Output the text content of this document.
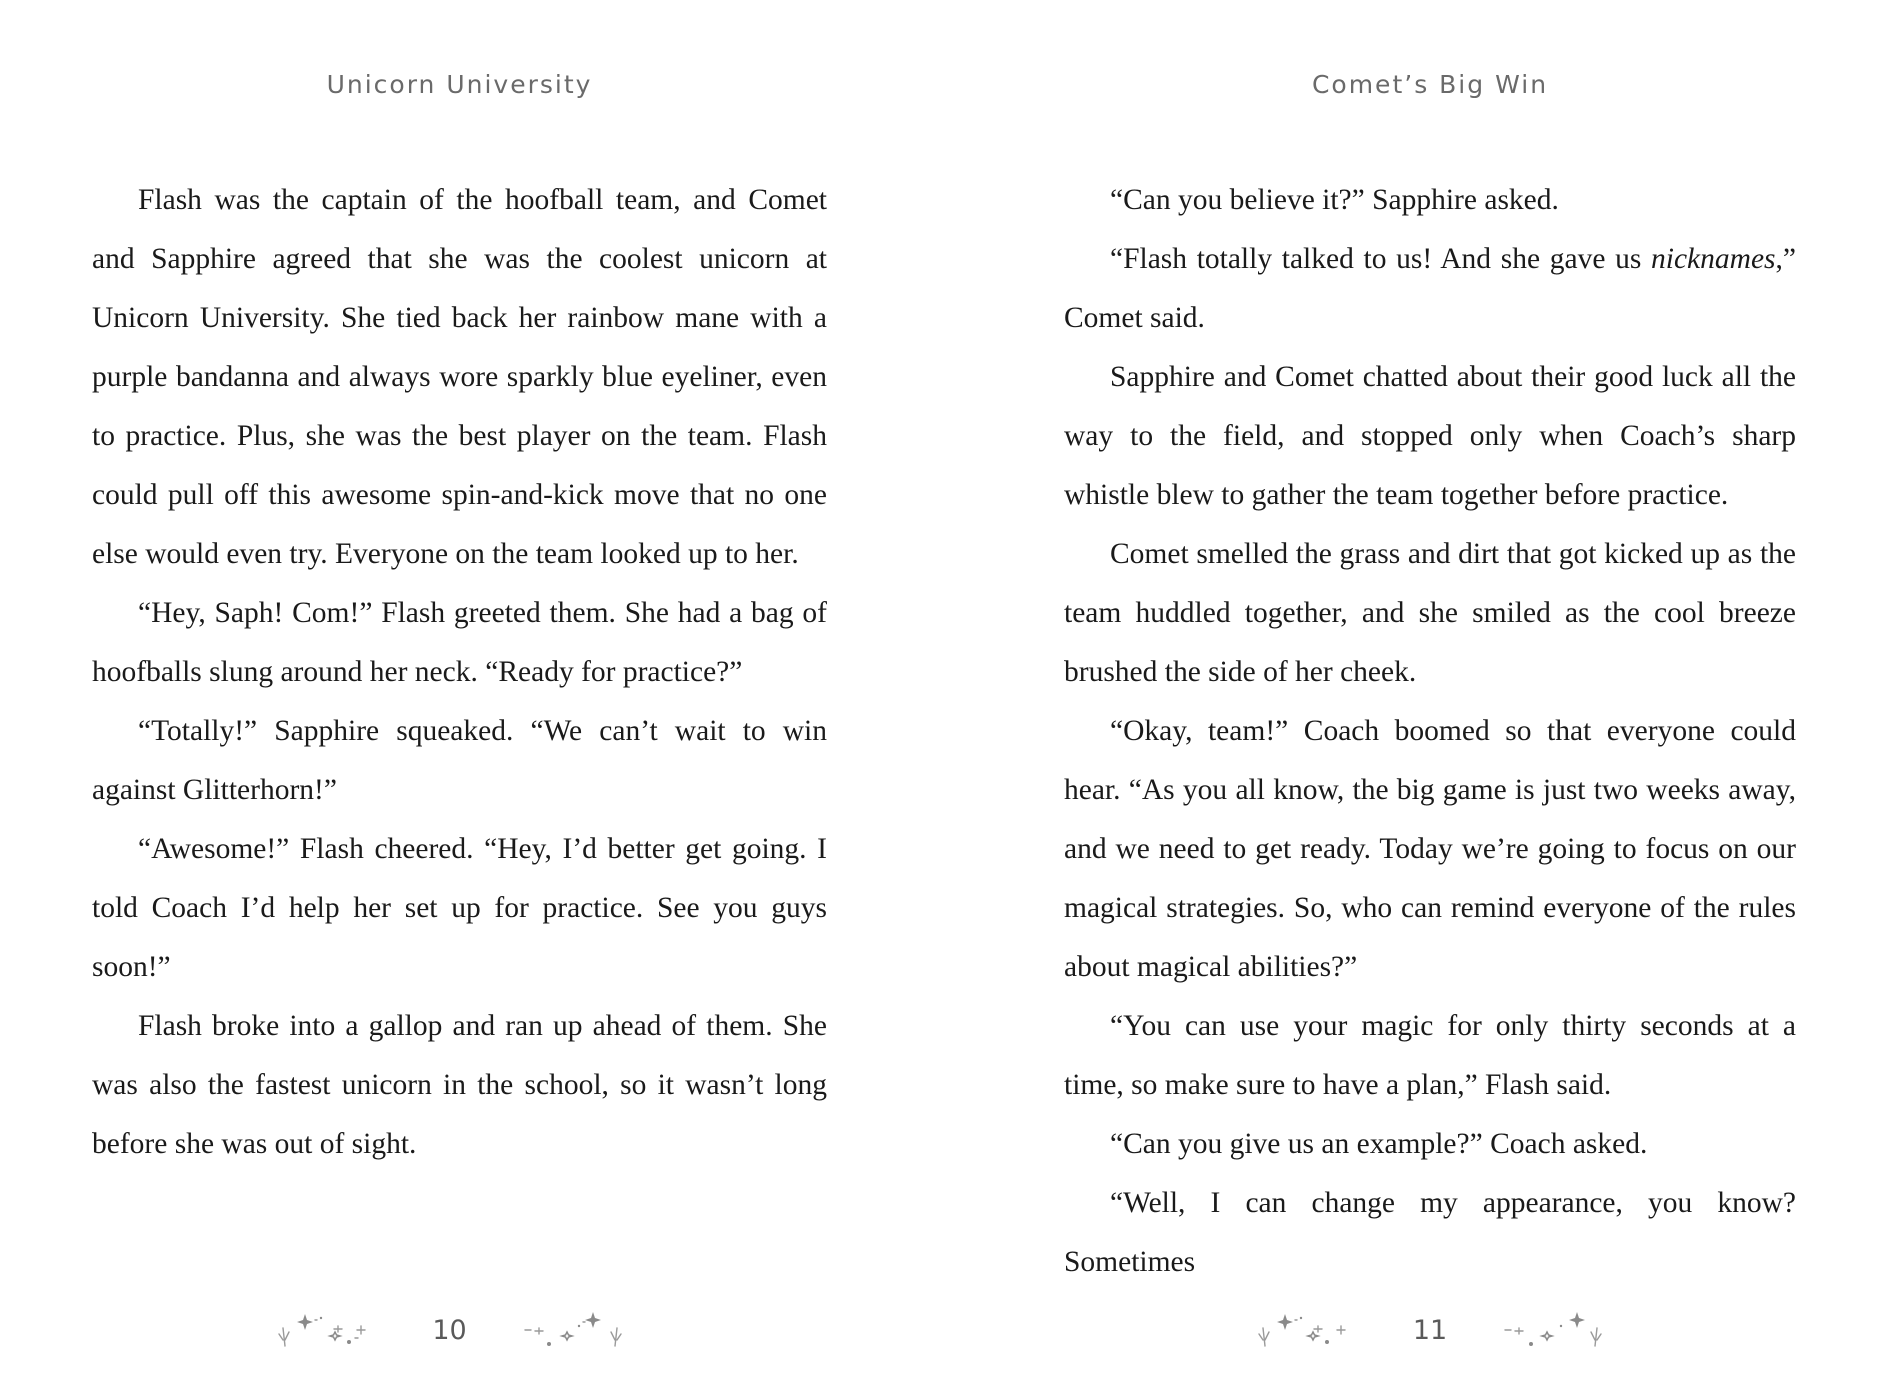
Unicorn University

Flash was the captain of the hoofball team, and Comet and Sapphire agreed that she was the coolest unicorn at Unicorn University. She tied back her rainbow mane with a purple bandanna and always wore sparkly blue eyeliner, even to practice. Plus, she was the best player on the team. Flash could pull off this awesome spin-and-kick move that no one else would even try. Everyone on the team looked up to her.

“Hey, Saph! Com!” Flash greeted them. She had a bag of hoofballs slung around her neck. “Ready for practice?”

“Totally!” Sapphire squeaked. “We can’t wait to win against Glitterhorn!”

“Awesome!” Flash cheered. “Hey, I’d better get going. I told Coach I’d help her set up for practice. See you guys soon!”

Flash broke into a gallop and ran up ahead of them. She was also the fastest unicorn in the school, so it wasn’t long before she was out of sight.

10
Comet’s Big Win

“Can you believe it?” Sapphire asked.

“Flash totally talked to us! And she gave us nicknames,” Comet said.

Sapphire and Comet chatted about their good luck all the way to the field, and stopped only when Coach’s sharp whistle blew to gather the team together before practice.

Comet smelled the grass and dirt that got kicked up as the team huddled together, and she smiled as the cool breeze brushed the side of her cheek.

“Okay, team!” Coach boomed so that everyone could hear. “As you all know, the big game is just two weeks away, and we need to get ready. Today we’re going to focus on our magical strategies. So, who can remind everyone of the rules about magical abilities?”

“You can use your magic for only thirty seconds at a time, so make sure to have a plan,” Flash said.

“Can you give us an example?” Coach asked.

“Well, I can change my appearance, you know? Sometimes

11
